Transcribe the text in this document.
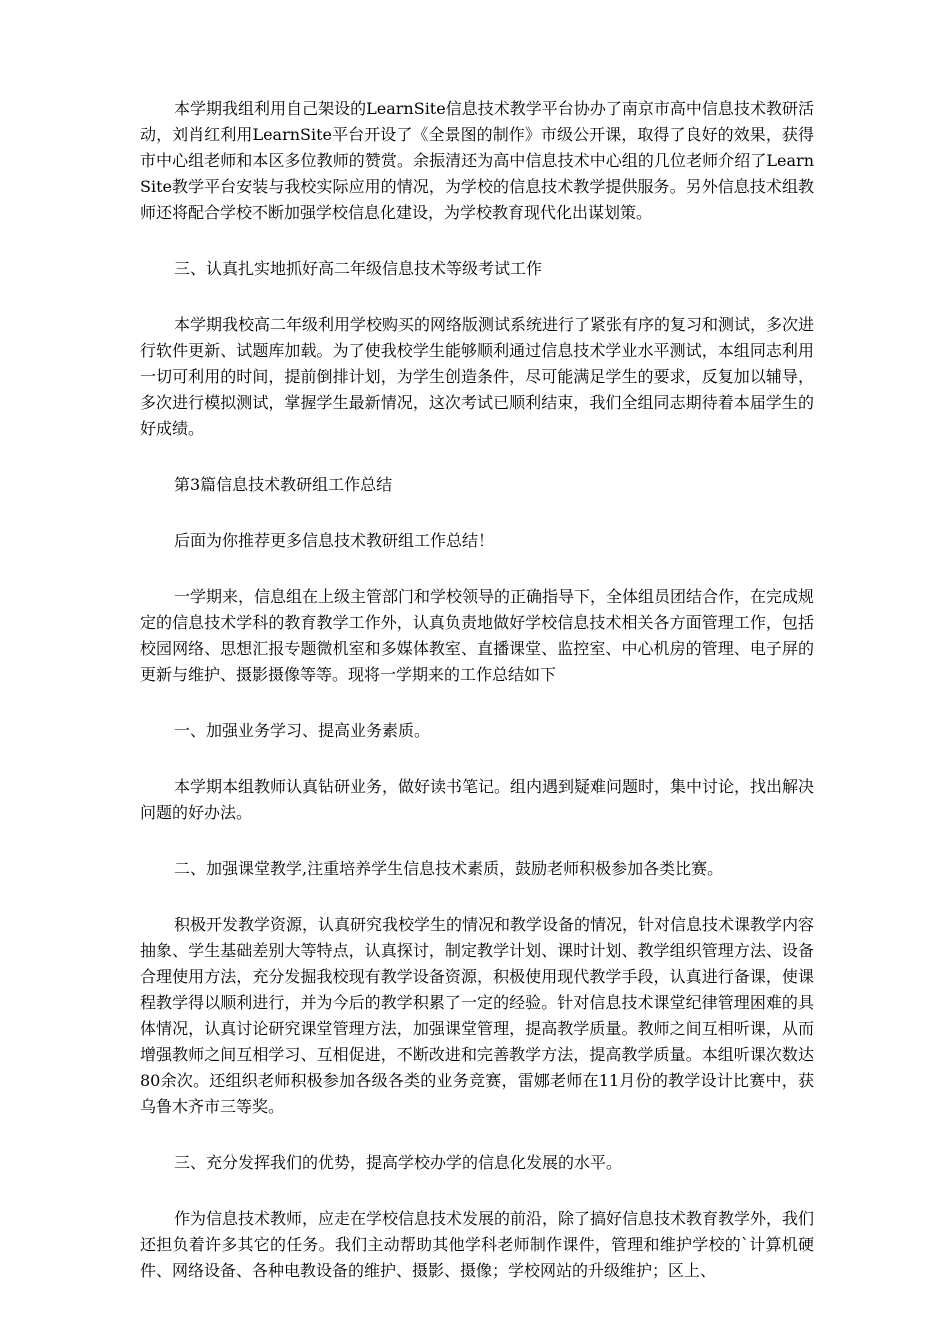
本学期我组利用自己架设的LearnSite信息技术教学平台协办了南京市高中信息技术教研活动，刘肖红利用LearnSite平台开设了《全景图的制作》市级公开课，取得了良好的效果，获得市中心组老师和本区多位教师的赞赏。余振清还为高中信息技术中心组的几位老师介绍了LearnSite教学平台安装与我校实际应用的情况，为学校的信息技术教学提供服务。另外信息技术组教师还将配合学校不断加强学校信息化建设，为学校教育现代化出谋划策。

三、认真扎实地抓好高二年级信息技术等级考试工作

本学期我校高二年级利用学校购买的网络版测试系统进行了紧张有序的复习和测试，多次进行软件更新、试题库加载。为了使我校学生能够顺利通过信息技术学业水平测试，本组同志利用一切可利用的时间，提前倒排计划，为学生创造条件，尽可能满足学生的要求，反复加以辅导，多次进行模拟测试，掌握学生最新情况，这次考试已顺利结束，我们全组同志期待着本届学生的好成绩。

第3篇信息技术教研组工作总结

后面为你推荐更多信息技术教研组工作总结！

一学期来，信息组在上级主管部门和学校领导的正确指导下，全体组员团结合作，在完成规定的信息技术学科的教育教学工作外，认真负责地做好学校信息技术相关各方面管理工作，包括校园网络、思想汇报专题微机室和多媒体教室、直播课堂、监控室、中心机房的管理、电子屏的更新与维护、摄影摄像等等。现将一学期来的工作总结如下

一、加强业务学习、提高业务素质。

本学期本组教师认真钻研业务，做好读书笔记。组内遇到疑难问题时，集中讨论，找出解决问题的好办法。

二、加强课堂教学,注重培养学生信息技术素质，鼓励老师积极参加各类比赛。

积极开发教学资源，认真研究我校学生的情况和教学设备的情况，针对信息技术课教学内容抽象、学生基础差别大等特点，认真探讨，制定教学计划、课时计划、教学组织管理方法、设备合理使用方法，充分发掘我校现有教学设备资源，积极使用现代教学手段，认真进行备课，使课程教学得以顺利进行，并为今后的教学积累了一定的经验。针对信息技术课堂纪律管理困难的具体情况，认真讨论研究课堂管理方法，加强课堂管理，提高教学质量。教师之间互相听课，从而增强教师之间互相学习、互相促进，不断改进和完善教学方法，提高教学质量。本组听课次数达80余次。还组织老师积极参加各级各类的业务竞赛，雷娜老师在11月份的教学设计比赛中，获乌鲁木齐市三等奖。

三、充分发挥我们的优势，提高学校办学的信息化发展的水平。

作为信息技术教师，应走在学校信息技术发展的前沿，除了搞好信息技术教育教学外，我们还担负着许多其它的任务。我们主动帮助其他学科老师制作课件，管理和维护学校的`计算机硬件、网络设备、各种电教设备的维护、摄影、摄像；学校网站的升级维护；区上、
